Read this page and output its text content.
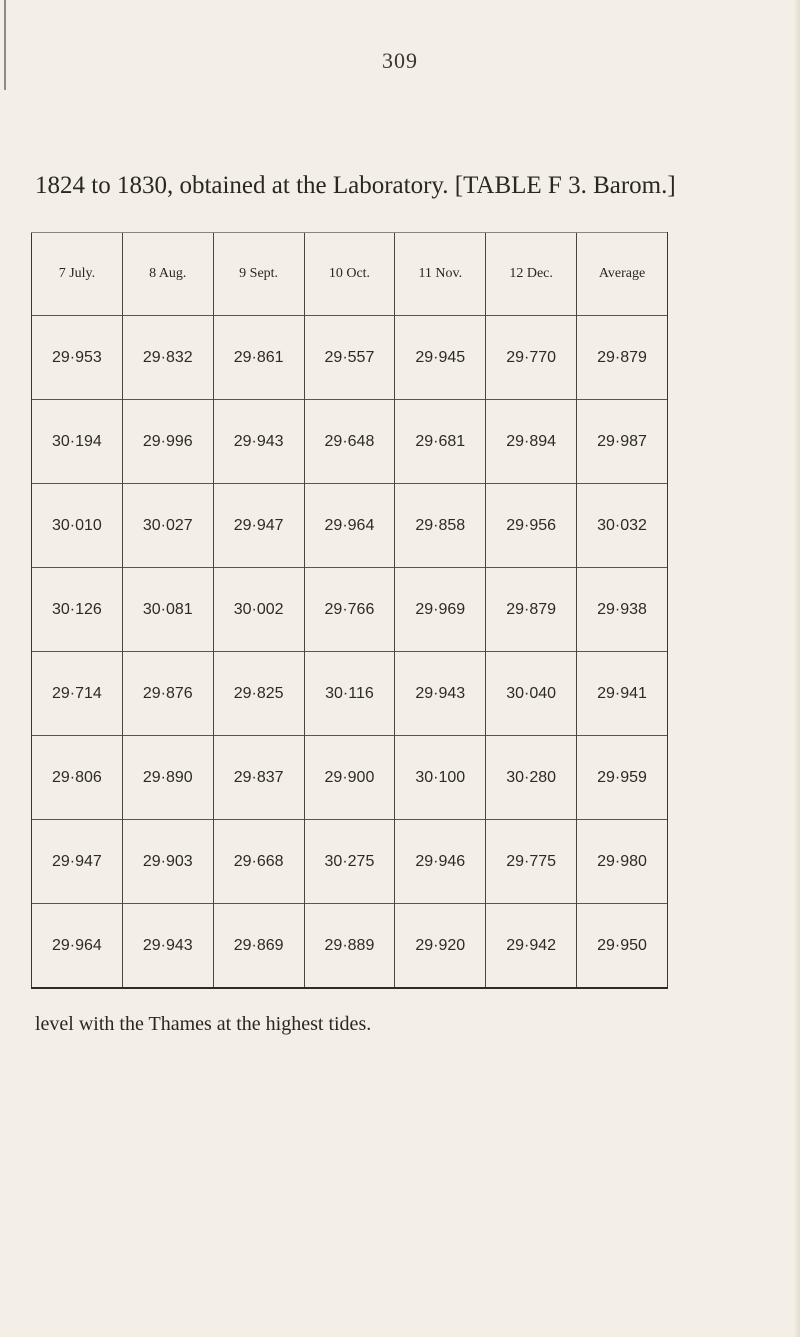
309
1824 to 1830, obtained at the Laboratory. [TABLE F 3. Barom.]
7 July.	8 Aug.	9 Sept.	10 Oct.	11 Nov.	12 Dec.	Average
29·953	29·832	29·861	29·557	29·945	29·770	29·879
30·194	29·996	29·943	29·648	29·681	29·894	29·987
30·010	30·027	29·947	29·964	29·858	29·956	30·032
30·126	30·081	30·002	29·766	29·969	29·879	29·938
29·714	29·876	29·825	30·116	29·943	30·040	29·941
29·806	29·890	29·837	29·900	30·100	30·280	29·959
29·947	29·903	29·668	30·275	29·946	29·775	29·980
29·964	29·943	29·869	29·889	29·920	29·942	29·950
level with the Thames at the highest tides.
